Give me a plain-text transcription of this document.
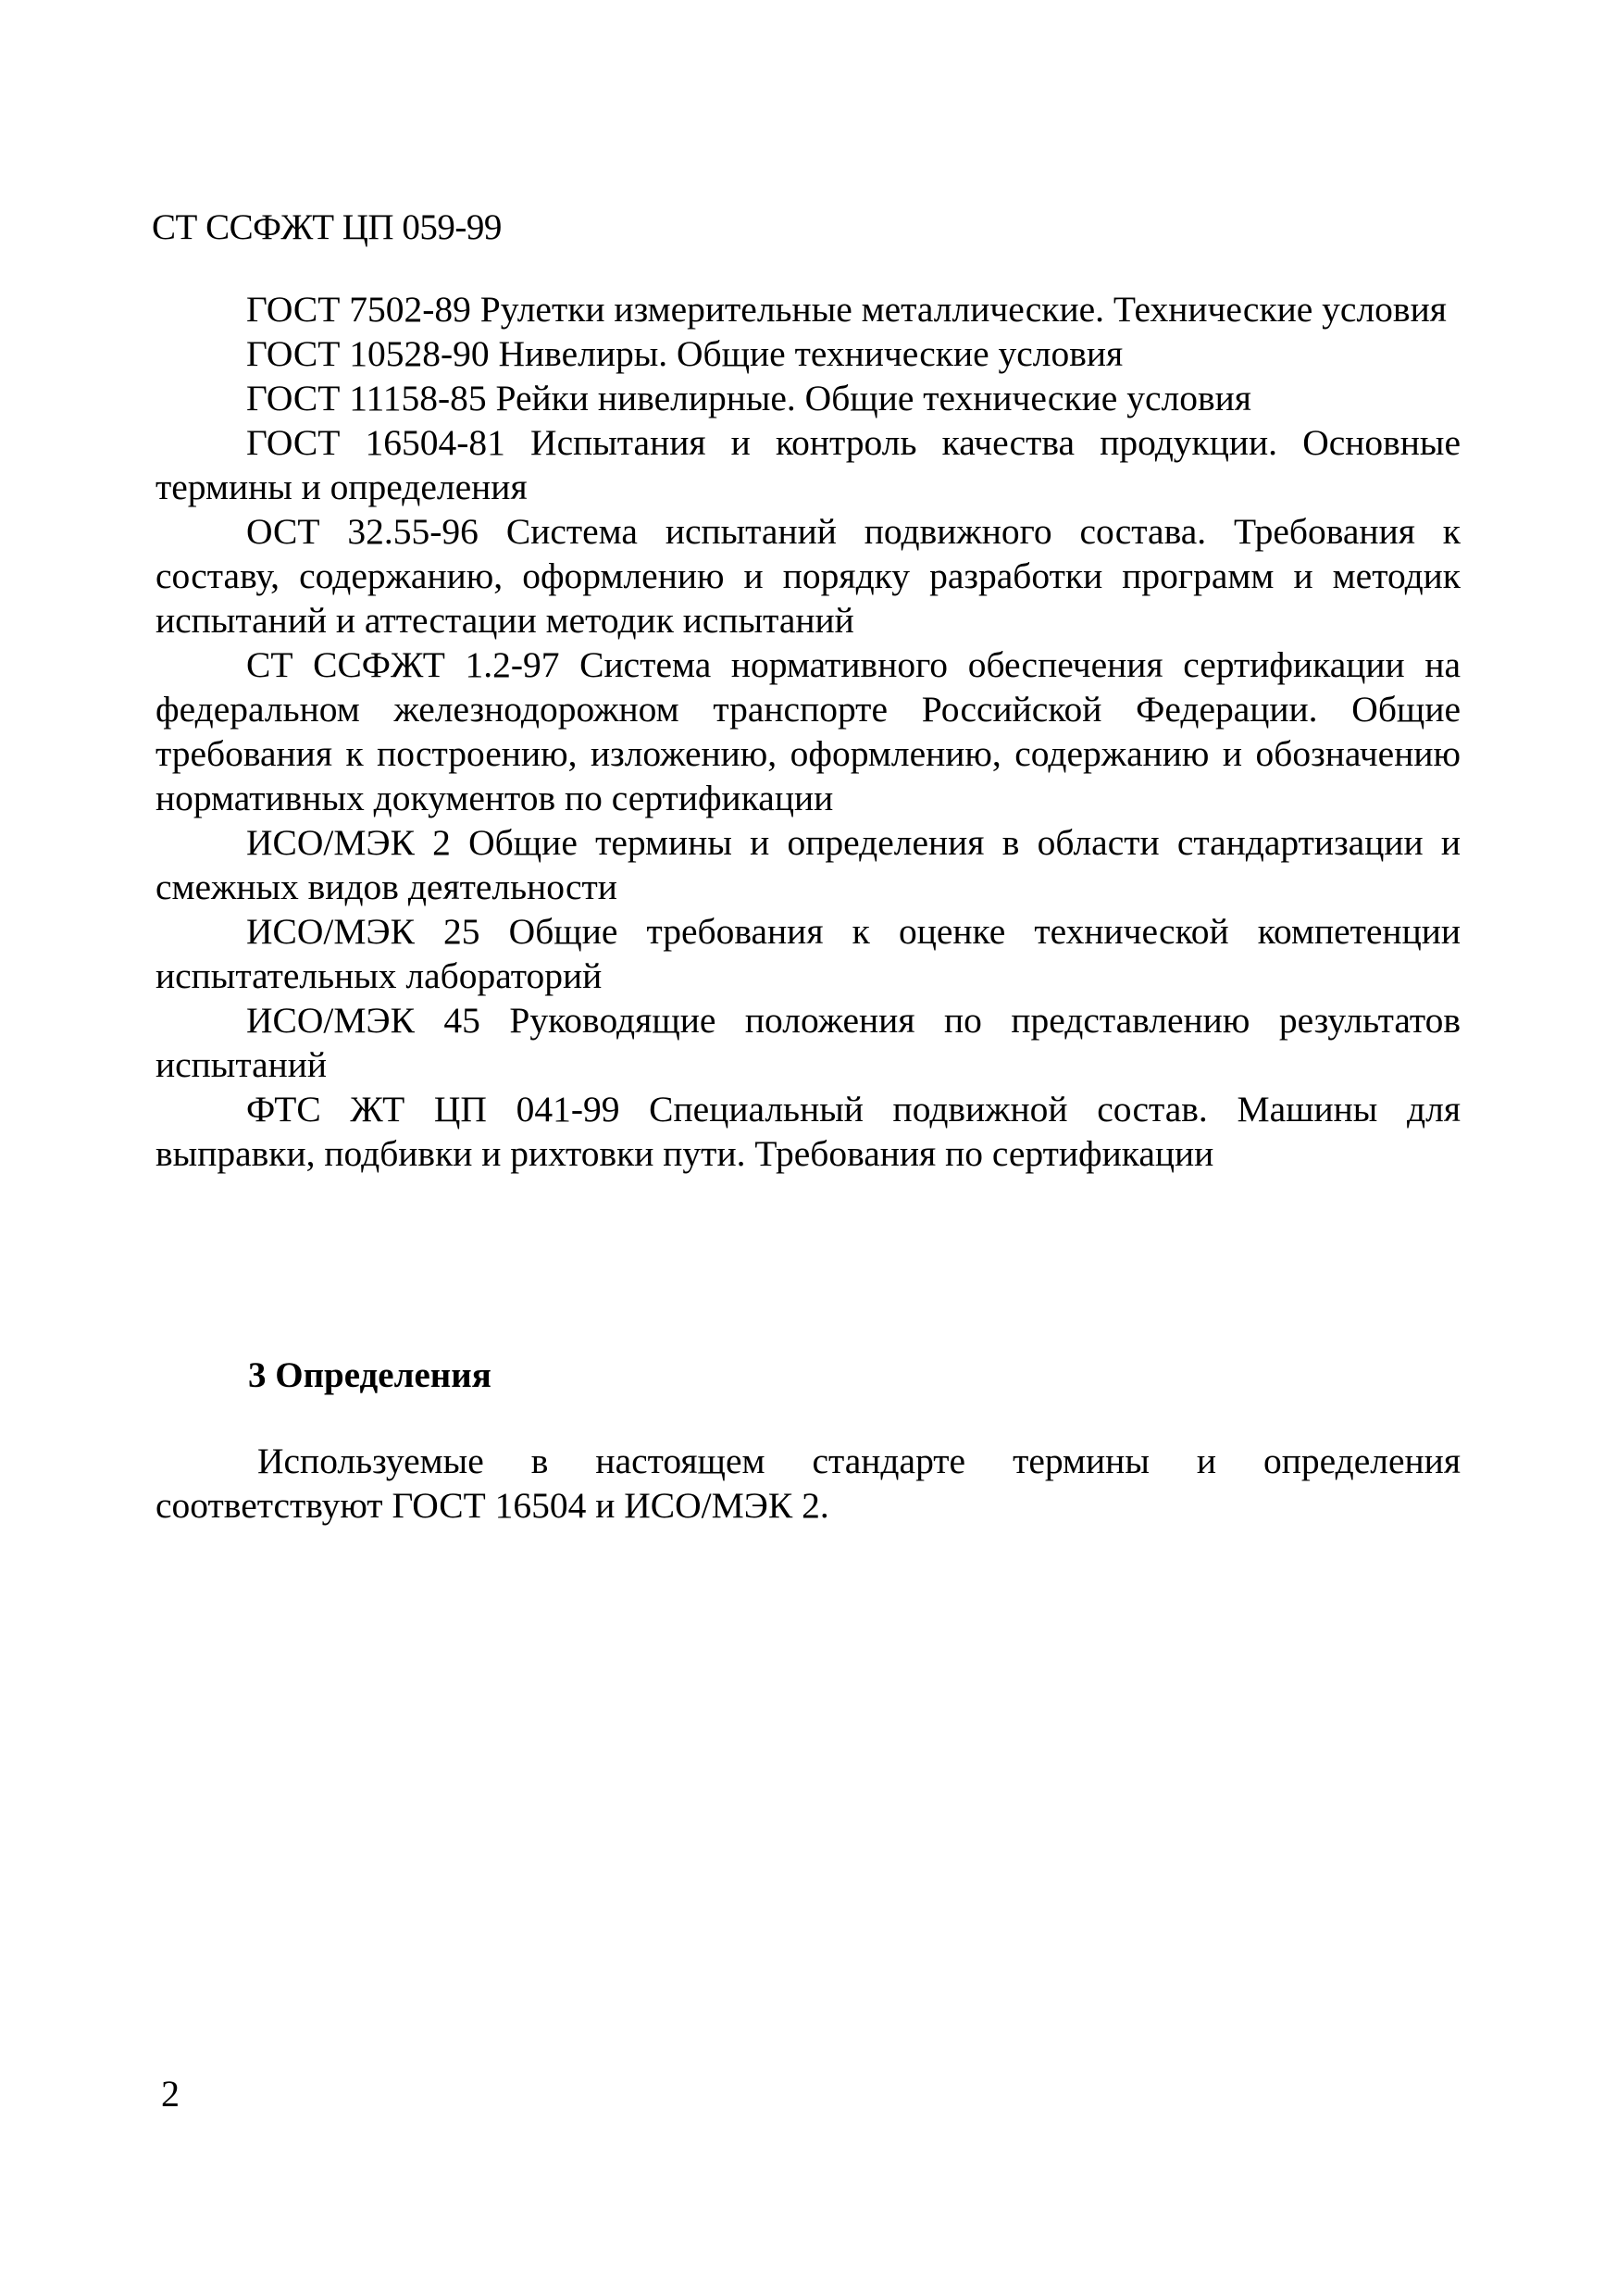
СТ ССФЖТ ЦП 059-99

ГОСТ 7502-89 Рулетки измерительные металлические. Технические условия

ГОСТ 10528-90 Нивелиры. Общие технические условия

ГОСТ 11158-85 Рейки нивелирные. Общие технические условия

ГОСТ 16504-81 Испытания и контроль качества продукции. Основные термины и определения

ОСТ 32.55-96 Система испытаний подвижного состава. Требования к составу, содержанию, оформлению и порядку разработки программ и методик испытаний и аттестации методик испытаний

СТ ССФЖТ 1.2-97 Система нормативного обеспечения сертификации на федеральном железнодорожном транспорте Российской Федерации. Общие требования к построению, изложению, оформлению, содержанию и обозначению нормативных документов по сертификации

ИСО/МЭК 2 Общие термины и определения в области стандартизации и смежных видов деятельности

ИСО/МЭК 25 Общие требования к оценке технической компетенции испытательных лабораторий

ИСО/МЭК 45 Руководящие положения по представлению результатов испытаний

ФТС ЖТ ЦП 041-99 Специальный подвижной состав. Машины для выправки, подбивки и рихтовки пути. Требования по сертификации

3 Определения

Используемые в настоящем стандарте термины и определения соответствуют ГОСТ 16504 и ИСО/МЭК 2.

2
